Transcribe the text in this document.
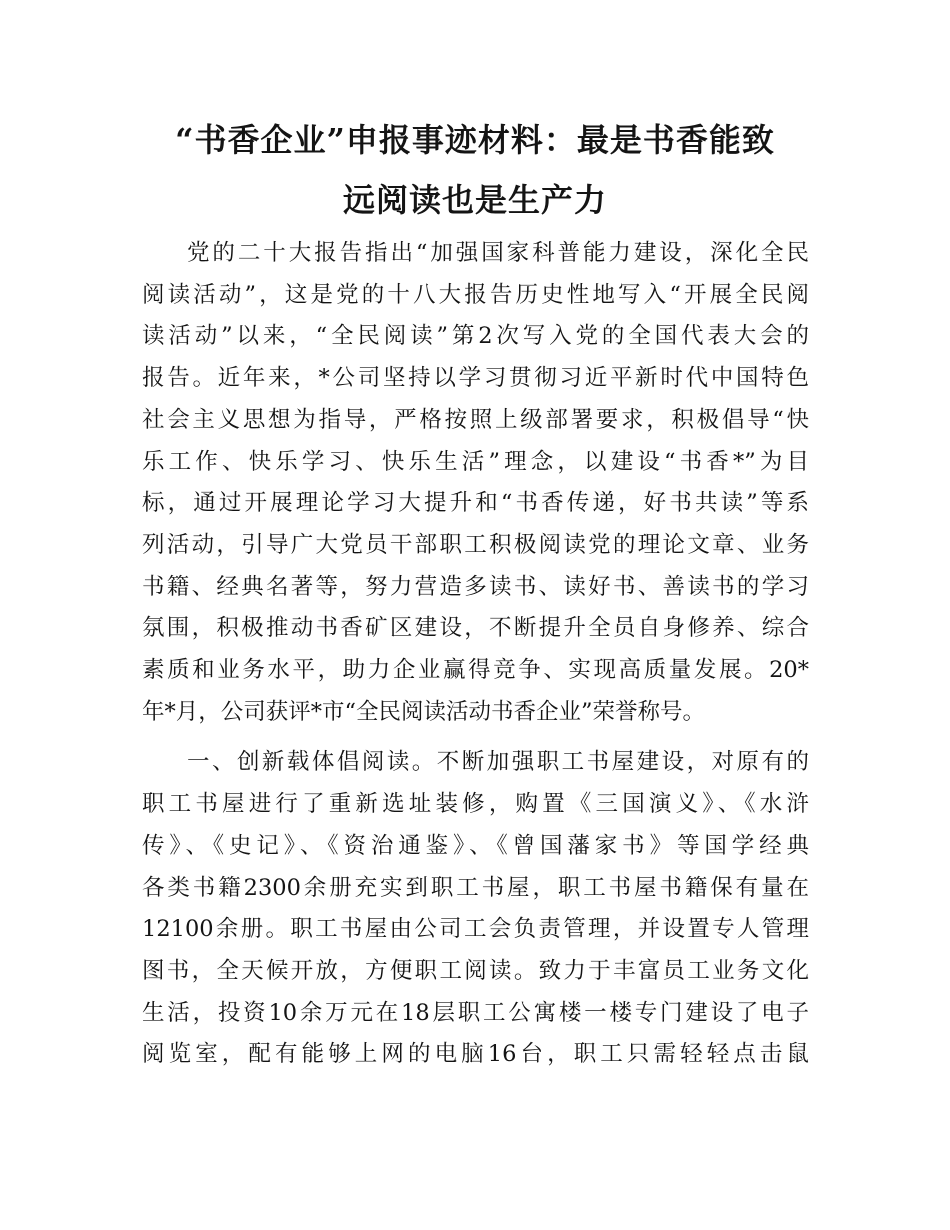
“书香企业”申报事迹材料：最是书香能致
远阅读也是生产力

党的二十大报告指出“加强国家科普能力建设，深化全民
阅读活动”，这是党的十八大报告历史性地写入“开展全民阅
读活动”以来，“全民阅读”第2次写入党的全国代表大会的
报告。近年来，*公司坚持以学习贯彻习近平新时代中国特色
社会主义思想为指导，严格按照上级部署要求，积极倡导“快
乐工作、快乐学习、快乐生活”理念，以建设“书香*”为目
标，通过开展理论学习大提升和“书香传递，好书共读”等系
列活动，引导广大党员干部职工积极阅读党的理论文章、业务
书籍、经典名著等，努力营造多读书、读好书、善读书的学习
氛围，积极推动书香矿区建设，不断提升全员自身修养、综合
素质和业务水平，助力企业赢得竞争、实现高质量发展。20*
年*月，公司获评*市“全民阅读活动书香企业”荣誉称号。

一、创新载体倡阅读。不断加强职工书屋建设，对原有的
职工书屋进行了重新选址装修，购置《三国演义》、《水浒
传》、《史记》、《资治通鉴》、《曾国藩家书》等国学经典
各类书籍2300余册充实到职工书屋，职工书屋书籍保有量在
12100余册。职工书屋由公司工会负责管理，并设置专人管理
图书，全天候开放，方便职工阅读。致力于丰富员工业务文化
生活，投资10余万元在18层职工公寓楼一楼专门建设了电子
阅览室，配有能够上网的电脑16台，职工只需轻轻点击鼠
